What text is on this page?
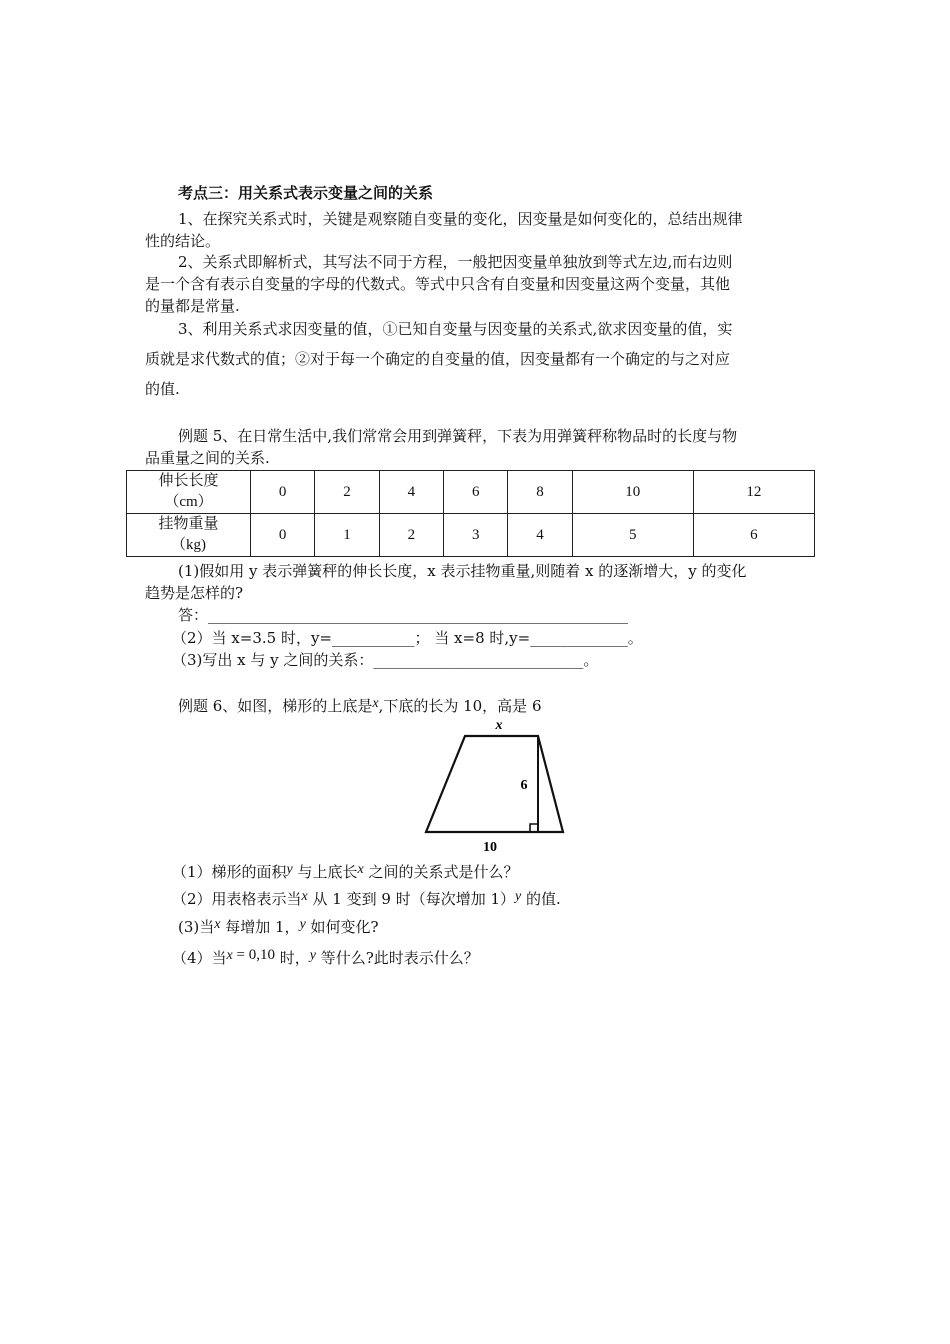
考点三：用关系式表示变量之间的关系
1、在探究关系式时，关键是观察随自变量的变化，因变量是如何变化的，总结出规律
性的结论。
2、关系式即解析式，其写法不同于方程，一般把因变量单独放到等式左边,而右边则
是一个含有表示自变量的字母的代数式。等式中只含有自变量和因变量这两个变量，其他
的量都是常量.
3、利用关系式求因变量的值，①已知自变量与因变量的关系式,欲求因变量的值，实
质就是求代数式的值；②对于每一个确定的自变量的值，因变量都有一个确定的与之对应
的值.
例题 5、在日常生活中,我们常常会用到弹簧秤，下表为用弹簧秤称物品时的长度与物
品重量之间的关系.
伸长长度
（cm）	0	2	4	6	8	10	12

挂物重量
（kg)	0	1	2	3	4	5	6
(1)假如用 y 表示弹簧秤的伸长长度，x 表示挂物重量,则随着 x 的逐渐增大，y 的变化
趋势是怎样的?
答：________________________________________________________
（2）当 x=3.5 时，y=___________； 当 x=8 时,y=_____________。
（3)写出 x 与 y 之间的关系：____________________________。
例题 6、如图，梯形的上底是x,下底的长为 10，高是 6
x
6
10
（1）梯形的面积y 与上底长x 之间的关系式是什么？
（2）用表格表示当x 从 1 变到 9 时（每次增加 1）y 的值.
(3)当x 每增加 1，y 如何变化?
（4）当x = 0,10 时，y 等什么?此时表示什么？
